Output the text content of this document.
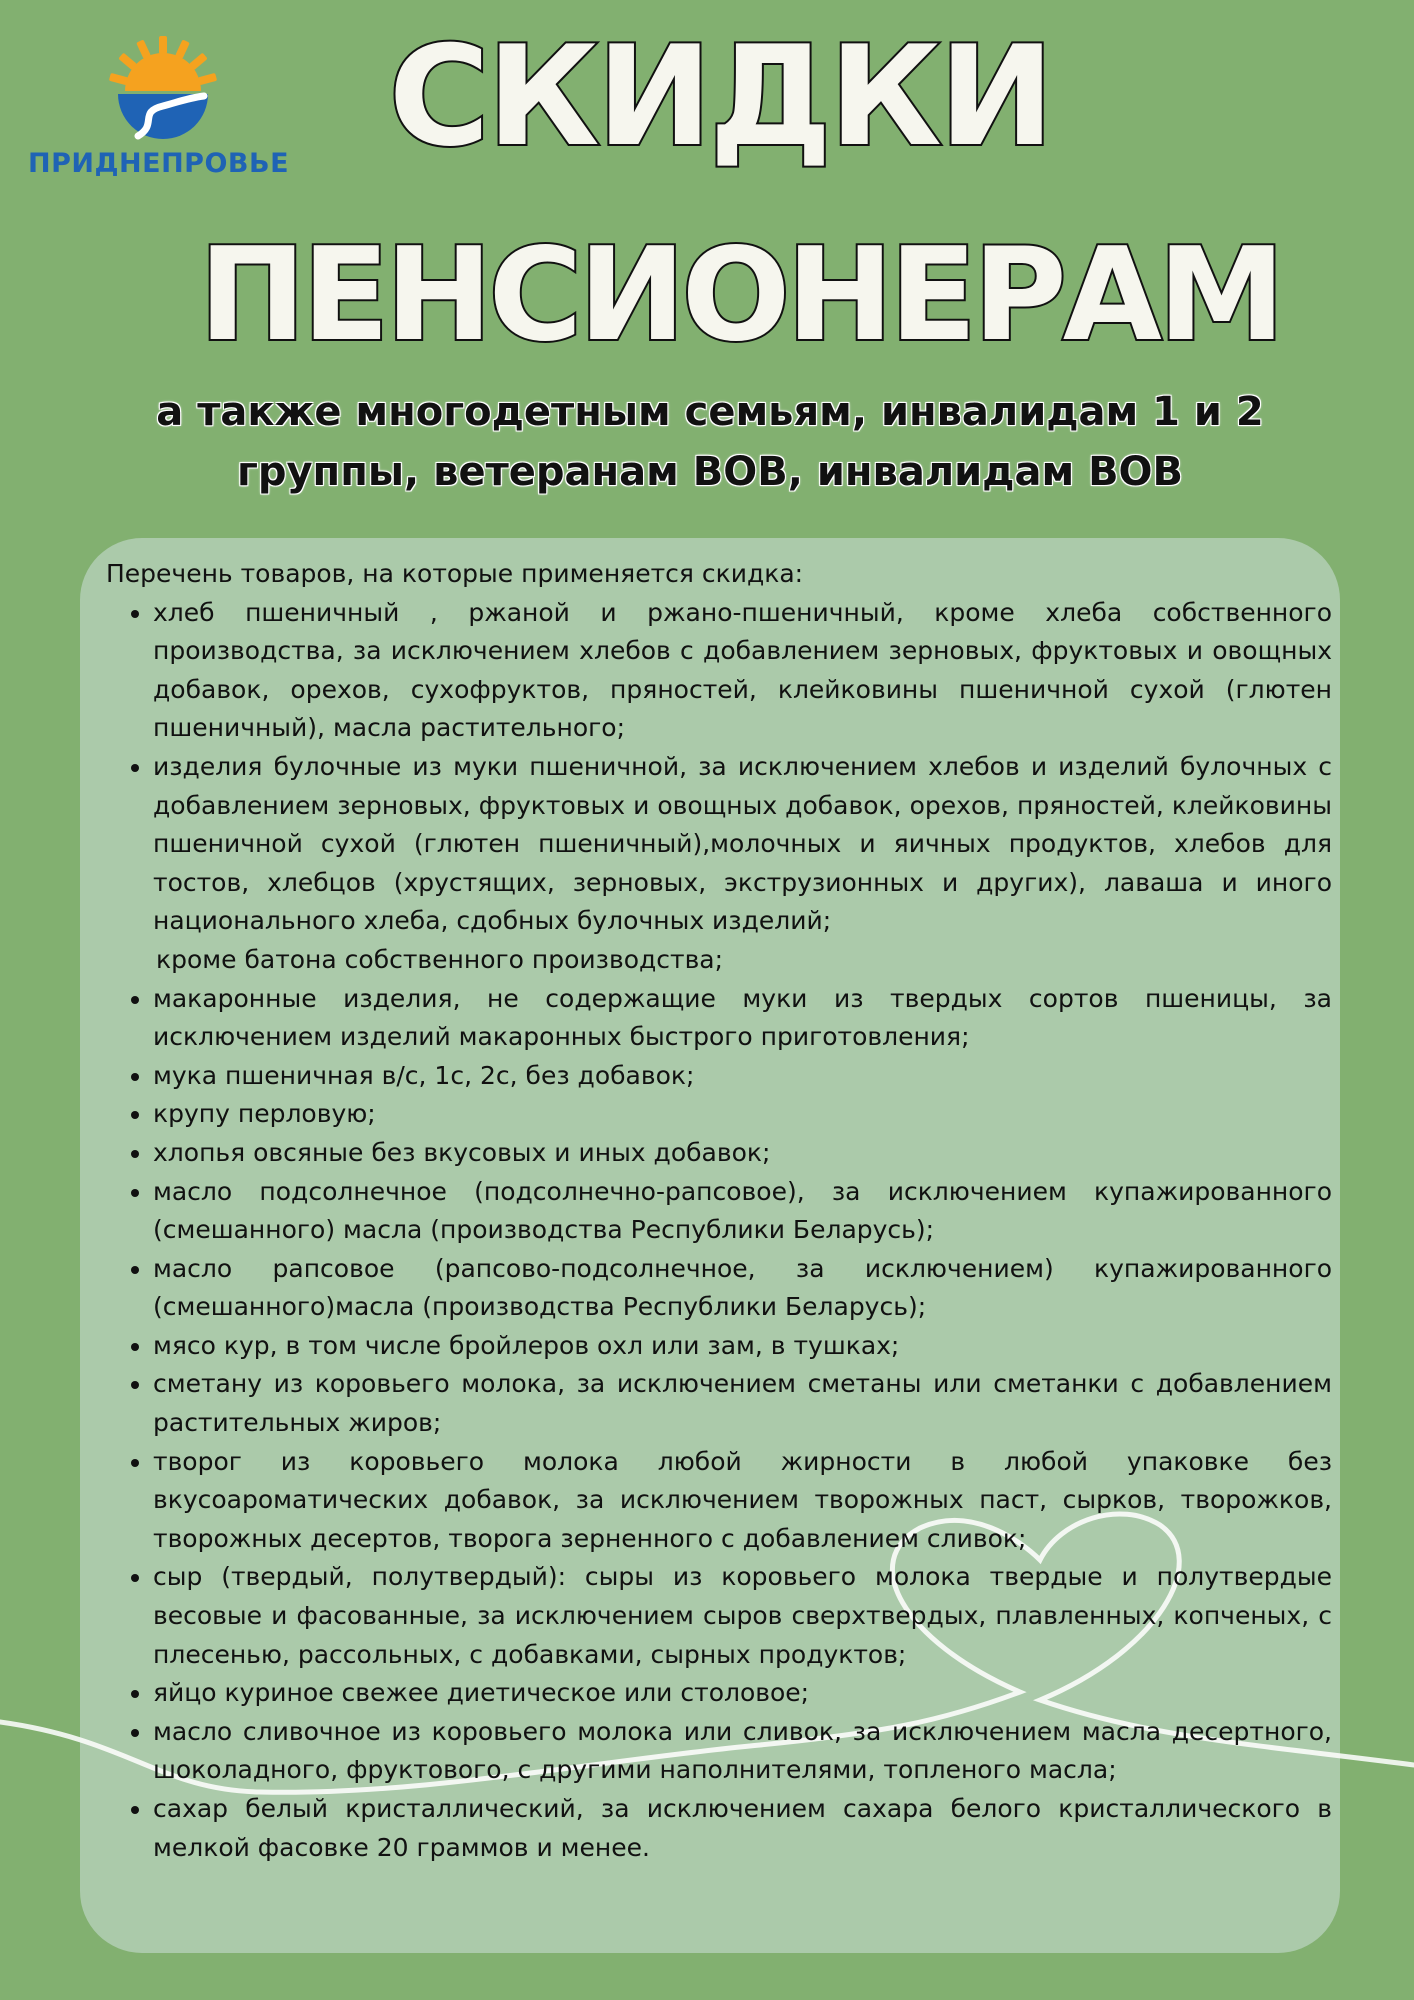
ПРИДНЕПРОВЬЕ СКИДКИ
ПЕНСИОНЕРАМ
а также многодетным семьям, инвалидам 1 и 2
группы, ветеранам ВОВ, инвалидам ВОВ

Перечень товаров, на которые применяется скидка:

• хлеб пшеничный , ржаной и ржано-пшеничный, кроме хлеба собственного производства, за исключением хлебов с добавлением зерновых, фруктовых и овощных добавок, орехов, сухофруктов, пряностей, клейковины пшеничной сухой (глютен пшеничный), масла растительного;
• изделия булочные из муки пшеничной, за исключением хлебов и изделий булочных с добавлением зерновых, фруктовых и овощных добавок, орехов, пряностей, клейковины пшеничной сухой (глютен пшеничный),молочных и яичных продуктов, хлебов для тостов, хлебцов (хрустящих, зерновых, экструзионных и других), лаваша и иного национального хлеба, сдобных булочных изделий;

кроме батона собственного производства;

• макаронные изделия, не содержащие муки из твердых сортов пшеницы, за исключением изделий макаронных быстрого приготовления;
• мука пшеничная в/с, 1с, 2с, без добавок;
• крупу перловую;
• хлопья овсяные без вкусовых и иных добавок;
• масло подсолнечное (подсолнечно-рапсовое), за исключением купажированного (смешанного) масла (производства Республики Беларусь);
• масло рапсовое (рапсово-подсолнечное, за исключением) купажированного (смешанного)масла (производства Республики Беларусь);
• мясо кур, в том числе бройлеров охл или зам, в тушках;
• сметану из коровьего молока, за исключением сметаны или сметанки с добавлением растительных жиров;
• творог из коровьего молока любой жирности в любой упаковке без вкусоароматических добавок, за исключением творожных паст, сырков, творожков, творожных десертов, творога зерненного с добавлением сливок;
• сыр (твердый, полутвердый): сыры из коровьего молока твердые и полутвердые весовые и фасованные, за исключением сыров сверхтвердых, плавленных, копченых, с плесенью, рассольных, с добавками, сырных продуктов;
• яйцо куриное свежее диетическое или столовое;
• масло сливочное из коровьего молока или сливок, за исключением масла десертного, шоколадного, фруктового, с другими наполнителями, топленого масла;
• сахар белый кристаллический, за исключением сахара белого кристаллического в мелкой фасовке 20 граммов и менее.
